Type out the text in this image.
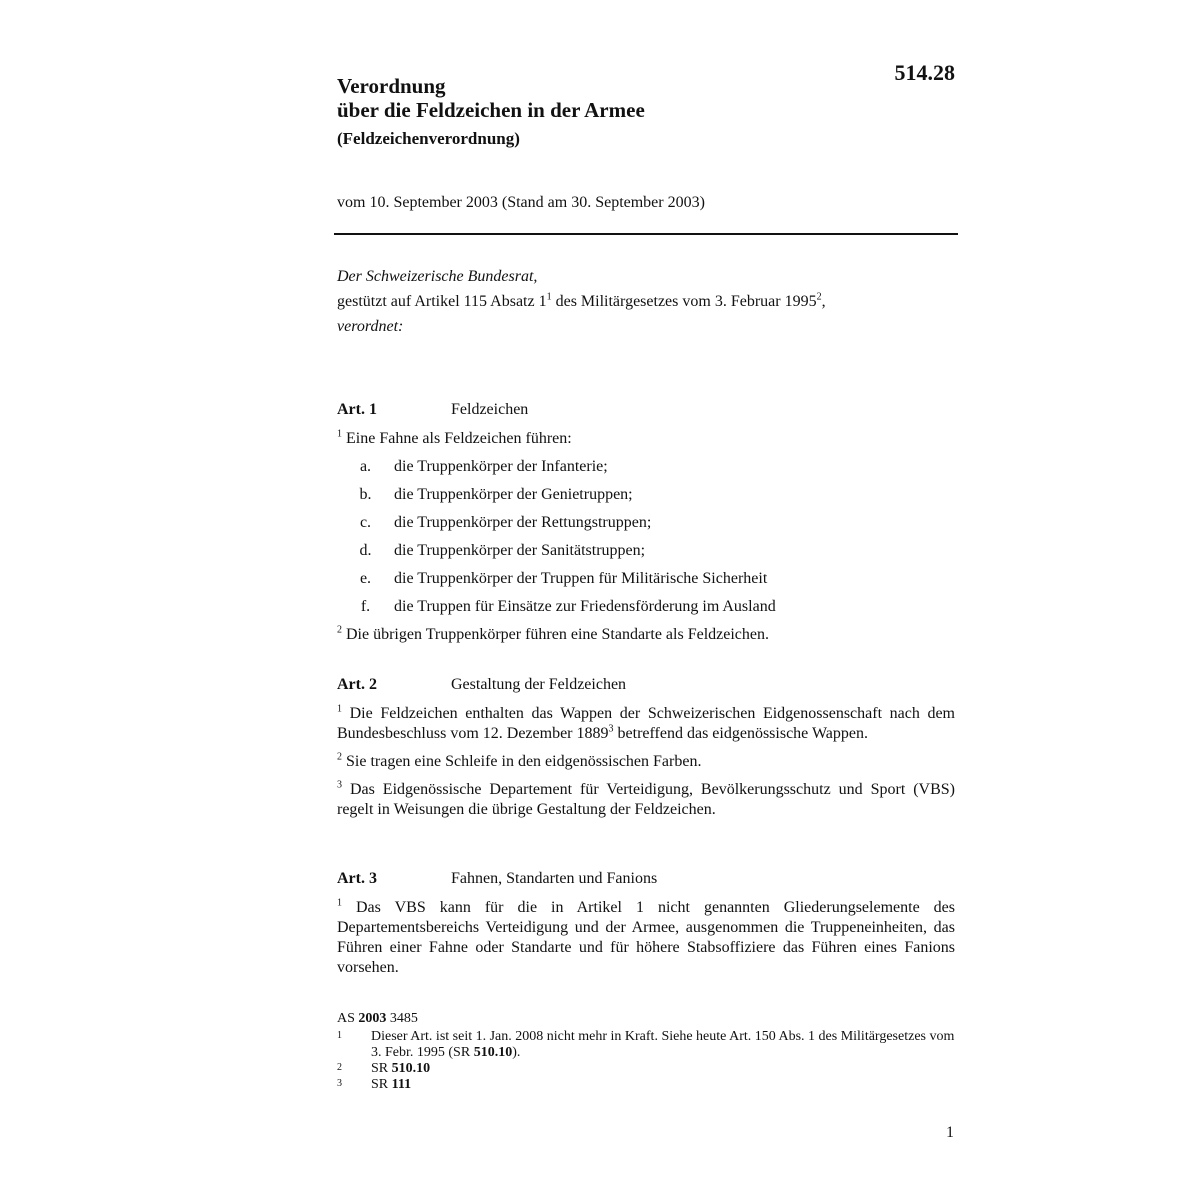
514.28
Verordnung
über die Feldzeichen in der Armee
(Feldzeichenverordnung)
vom 10. September 2003 (Stand am 30. September 2003)
Der Schweizerische Bundesrat,
gestützt auf Artikel 115 Absatz $1^1$ des Militärgesetzes vom 3. Februar 1995$^2$,
verordnet:
Art. 1	Feldzeichen
$^1$ Eine Fahne als Feldzeichen führen:
a.	die Truppenkörper der Infanterie;
b.	die Truppenkörper der Genietruppen;
c.	die Truppenkörper der Rettungstruppen;
d.	die Truppenkörper der Sanitätstruppen;
e.	die Truppenkörper der Truppen für Militärische Sicherheit
f.	die Truppen für Einsätze zur Friedensförderung im Ausland
$^2$ Die übrigen Truppenkörper führen eine Standarte als Feldzeichen.
Art. 2	Gestaltung der Feldzeichen
$^1$ Die Feldzeichen enthalten das Wappen der Schweizerischen Eidgenossenschaft nach dem Bundesbeschluss vom 12. Dezember 1889$^3$ betreffend das eidgenössische Wappen.
$^2$ Sie tragen eine Schleife in den eidgenössischen Farben.
$^3$ Das Eidgenössische Departement für Verteidigung, Bevölkerungsschutz und Sport (VBS) regelt in Weisungen die übrige Gestaltung der Feldzeichen.
Art. 3	Fahnen, Standarten und Fanions
$^1$ Das VBS kann für die in Artikel 1 nicht genannten Gliederungselemente des Departementsbereichs Verteidigung und der Armee, ausgenommen die Truppeneinheiten, das Führen einer Fahne oder Standarte und für höhere Stabsoffiziere das Führen eines Fanions vorsehen.
AS 2003 3485
1	Dieser Art. ist seit 1. Jan. 2008 nicht mehr in Kraft. Siehe heute Art. 150 Abs. 1 des Militärgesetzes vom 3. Febr. 1995 (SR 510.10).
2	SR 510.10
3	SR 111
1
